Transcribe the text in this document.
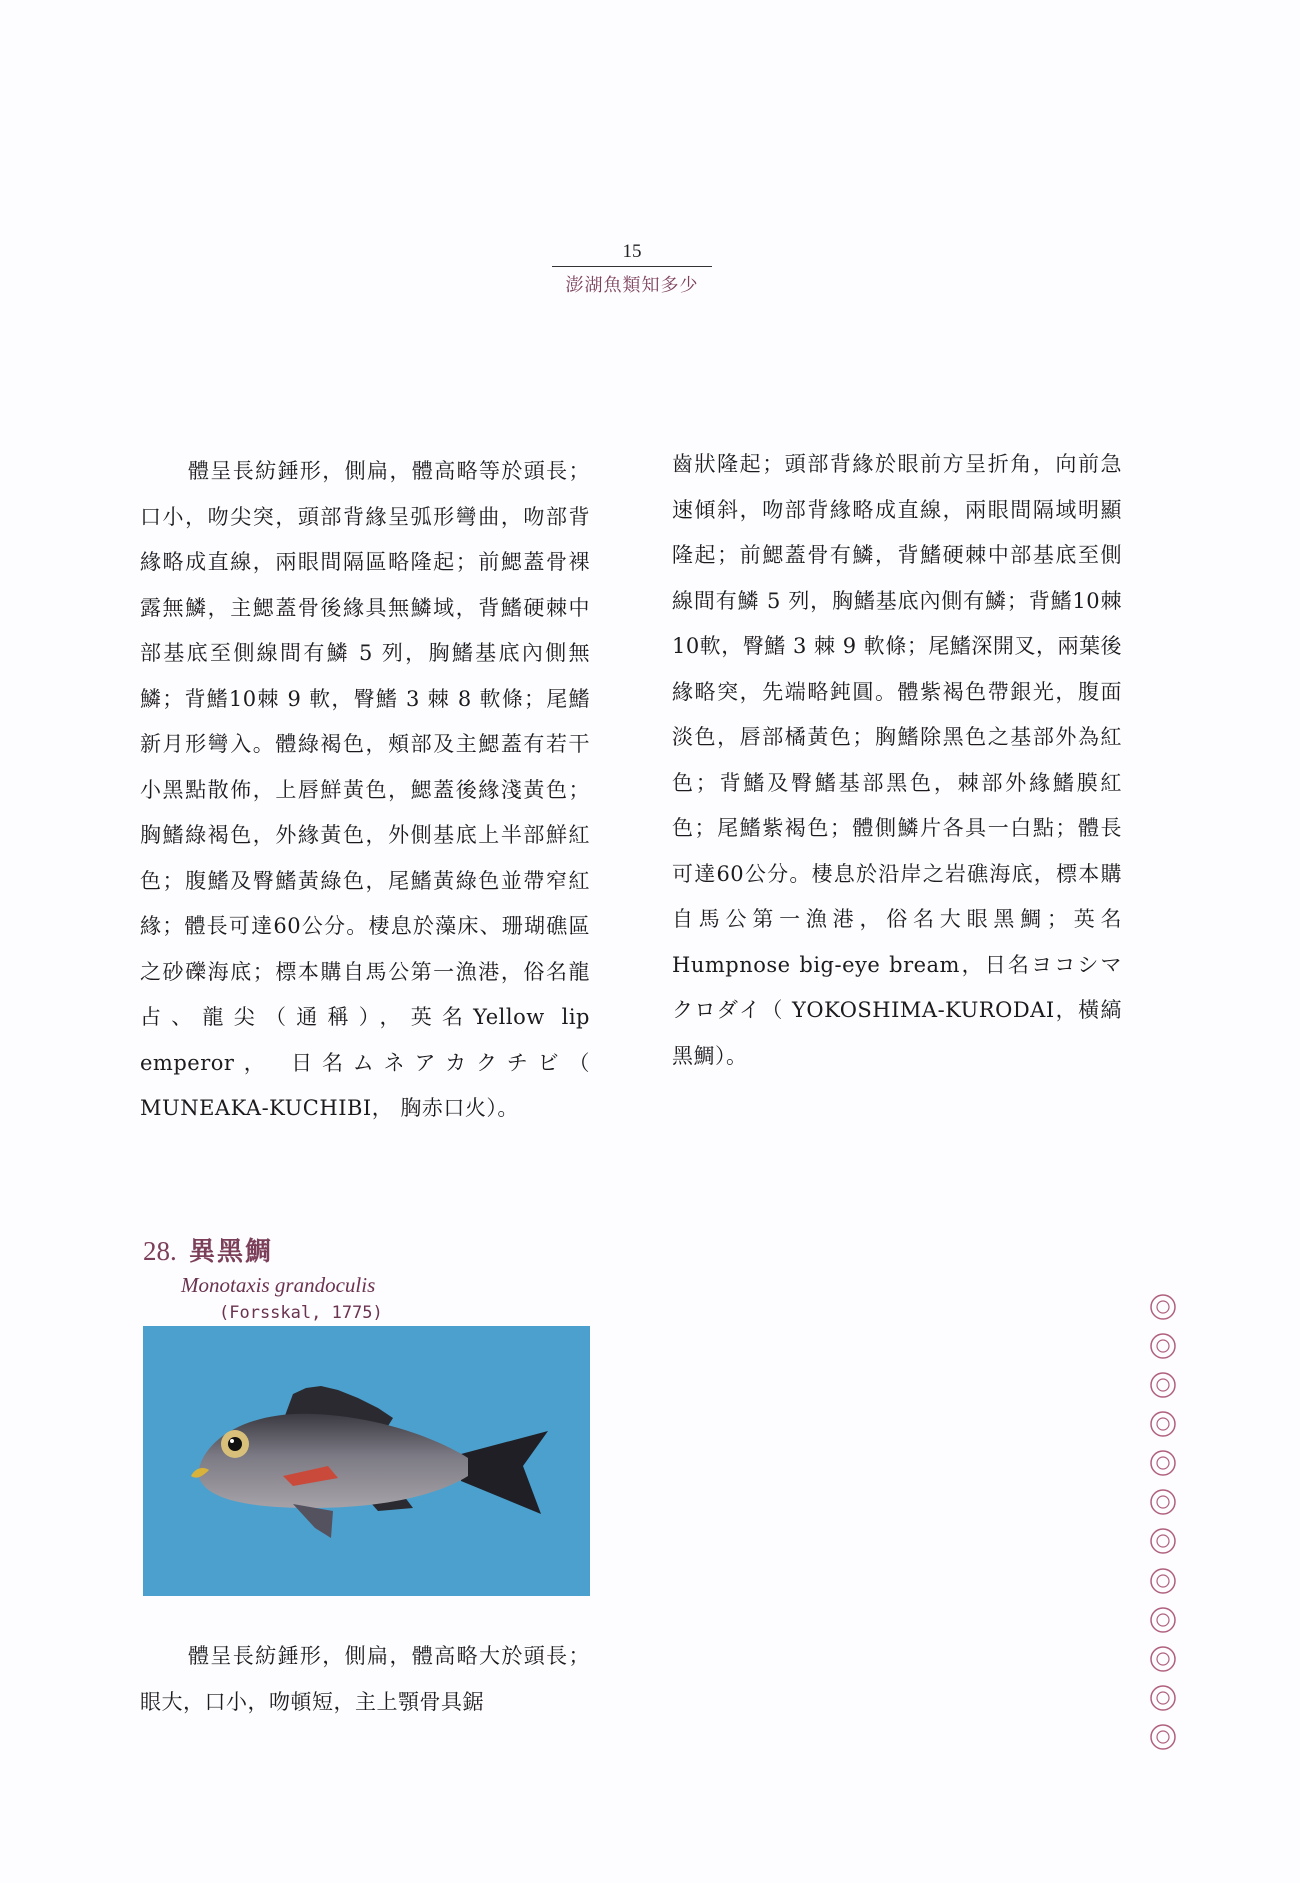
15
澎湖魚類知多少
體呈長紡錘形，側扁，體高略等於頭長；口小，吻尖突，頭部背緣呈弧形彎曲，吻部背緣略成直線，兩眼間隔區略隆起；前鰓蓋骨裸露無鱗，主鰓蓋骨後緣具無鱗域，背鰭硬棘中部基底至側線間有鱗 5 列，胸鰭基底內側無鱗；背鰭10棘 9 軟，臀鰭 3 棘 8 軟條；尾鰭新月形彎入。體綠褐色，頰部及主鰓蓋有若干小黑點散佈，上唇鮮黃色，鰓蓋後緣淺黃色；胸鰭綠褐色，外緣黃色，外側基底上半部鮮紅色；腹鰭及臀鰭黃綠色，尾鰭黃綠色並帶窄紅緣；體長可達60公分。棲息於藻床、珊瑚礁區之砂礫海底；標本購自馬公第一漁港，俗名龍占、龍尖（通稱），英名Yellow lip emperor， 日名ムネアカクチビ（ MUNEAKA-KUCHIBI， 胸赤口火）。
齒狀隆起；頭部背緣於眼前方呈折角，向前急速傾斜，吻部背緣略成直線，兩眼間隔域明顯隆起；前鰓蓋骨有鱗，背鰭硬棘中部基底至側線間有鱗 5 列，胸鰭基底內側有鱗；背鰭10棘10軟，臀鰭 3 棘 9 軟條；尾鰭深開叉，兩葉後緣略突，先端略鈍圓。體紫褐色帶銀光，腹面淡色，唇部橘黃色；胸鰭除黑色之基部外為紅色；背鰭及臀鰭基部黑色，棘部外緣鰭膜紅色；尾鰭紫褐色；體側鱗片各具一白點；體長可達60公分。棲息於沿岸之岩礁海底，標本購自馬公第一漁港，俗名大眼黑鯛；英名 Humpnose big-eye bream，日名ヨコシマクロダイ（ YOKOSHIMA-KURODAI，橫縞黑鯛）。
28. 異黑鯛
Monotaxis grandoculis
(Forsskal, 1775)
體呈長紡錘形，側扁，體高略大於頭長；眼大，口小，吻頓短，主上顎骨具鋸
